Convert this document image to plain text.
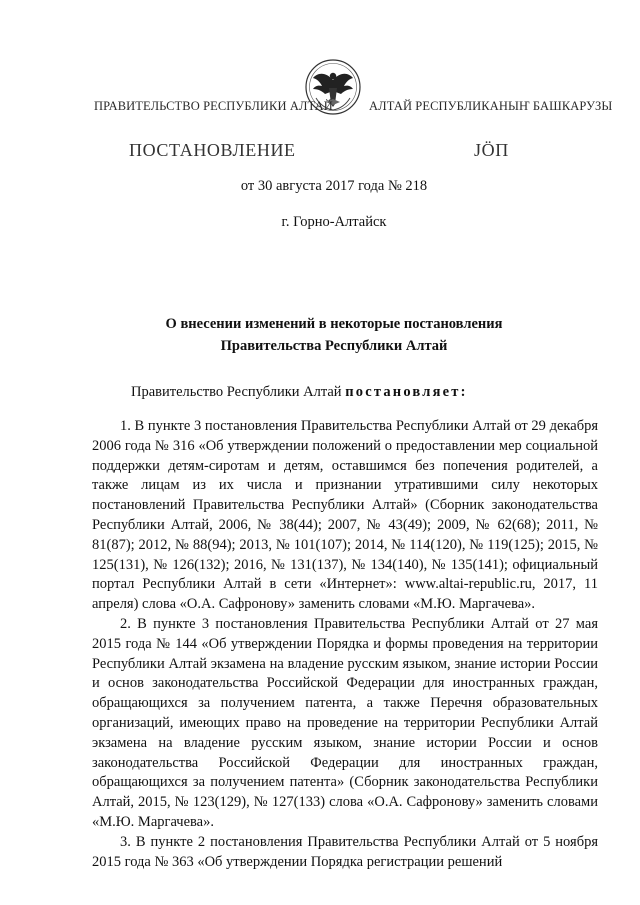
ПРАВИТЕЛЬСТВО РЕСПУБЛИКИ АЛТАЙ	АЛТАЙ РЕСПУБЛИКАНЫҤ БАШКАРУЗЫ
ПОСТАНОВЛЕНИЕ	ЈӦП
от 30 августа 2017 года № 218
г. Горно-Алтайск
О внесении изменений в некоторые постановления
Правительства Республики Алтай
Правительство Республики Алтай постановляет:

1. В пункте 3 постановления Правительства Республики Алтай от 29 декабря 2006 года № 316 «Об утверждении положений о предоставлении мер социальной поддержки детям-сиротам и детям, оставшимся без попечения родителей, а также лицам из их числа и признании утратившими силу некоторых постановлений Правительства Республики Алтай» (Сборник законодательства Республики Алтай, 2006, № 38(44); 2007, № 43(49); 2009, № 62(68); 2011, № 81(87); 2012, № 88(94); 2013, № 101(107); 2014, № 114(120), № 119(125); 2015, № 125(131), № 126(132); 2016, № 131(137), № 134(140), № 135(141); официальный портал Республики Алтай в сети «Интернет»: www.altai-republic.ru, 2017, 11 апреля) слова «О.А. Сафронову» заменить словами «М.Ю. Маргачева».

2. В пункте 3 постановления Правительства Республики Алтай от 27 мая 2015 года № 144 «Об утверждении Порядка и формы проведения на территории Республики Алтай экзамена на владение русским языком, знание истории России и основ законодательства Российской Федерации для иностранных граждан, обращающихся за получением патента, а также Перечня образовательных организаций, имеющих право на проведение на территории Республики Алтай экзамена на владение русским языком, знание истории России и основ законодательства Российской Федерации для иностранных граждан, обращающихся за получением патента» (Сборник законодательства Республики Алтай, 2015, № 123(129), № 127(133) слова «О.А. Сафронову» заменить словами «М.Ю. Маргачева».

3. В пункте 2 постановления Правительства Республики Алтай от 5 ноября 2015 года № 363 «Об утверждении Порядка регистрации решений
